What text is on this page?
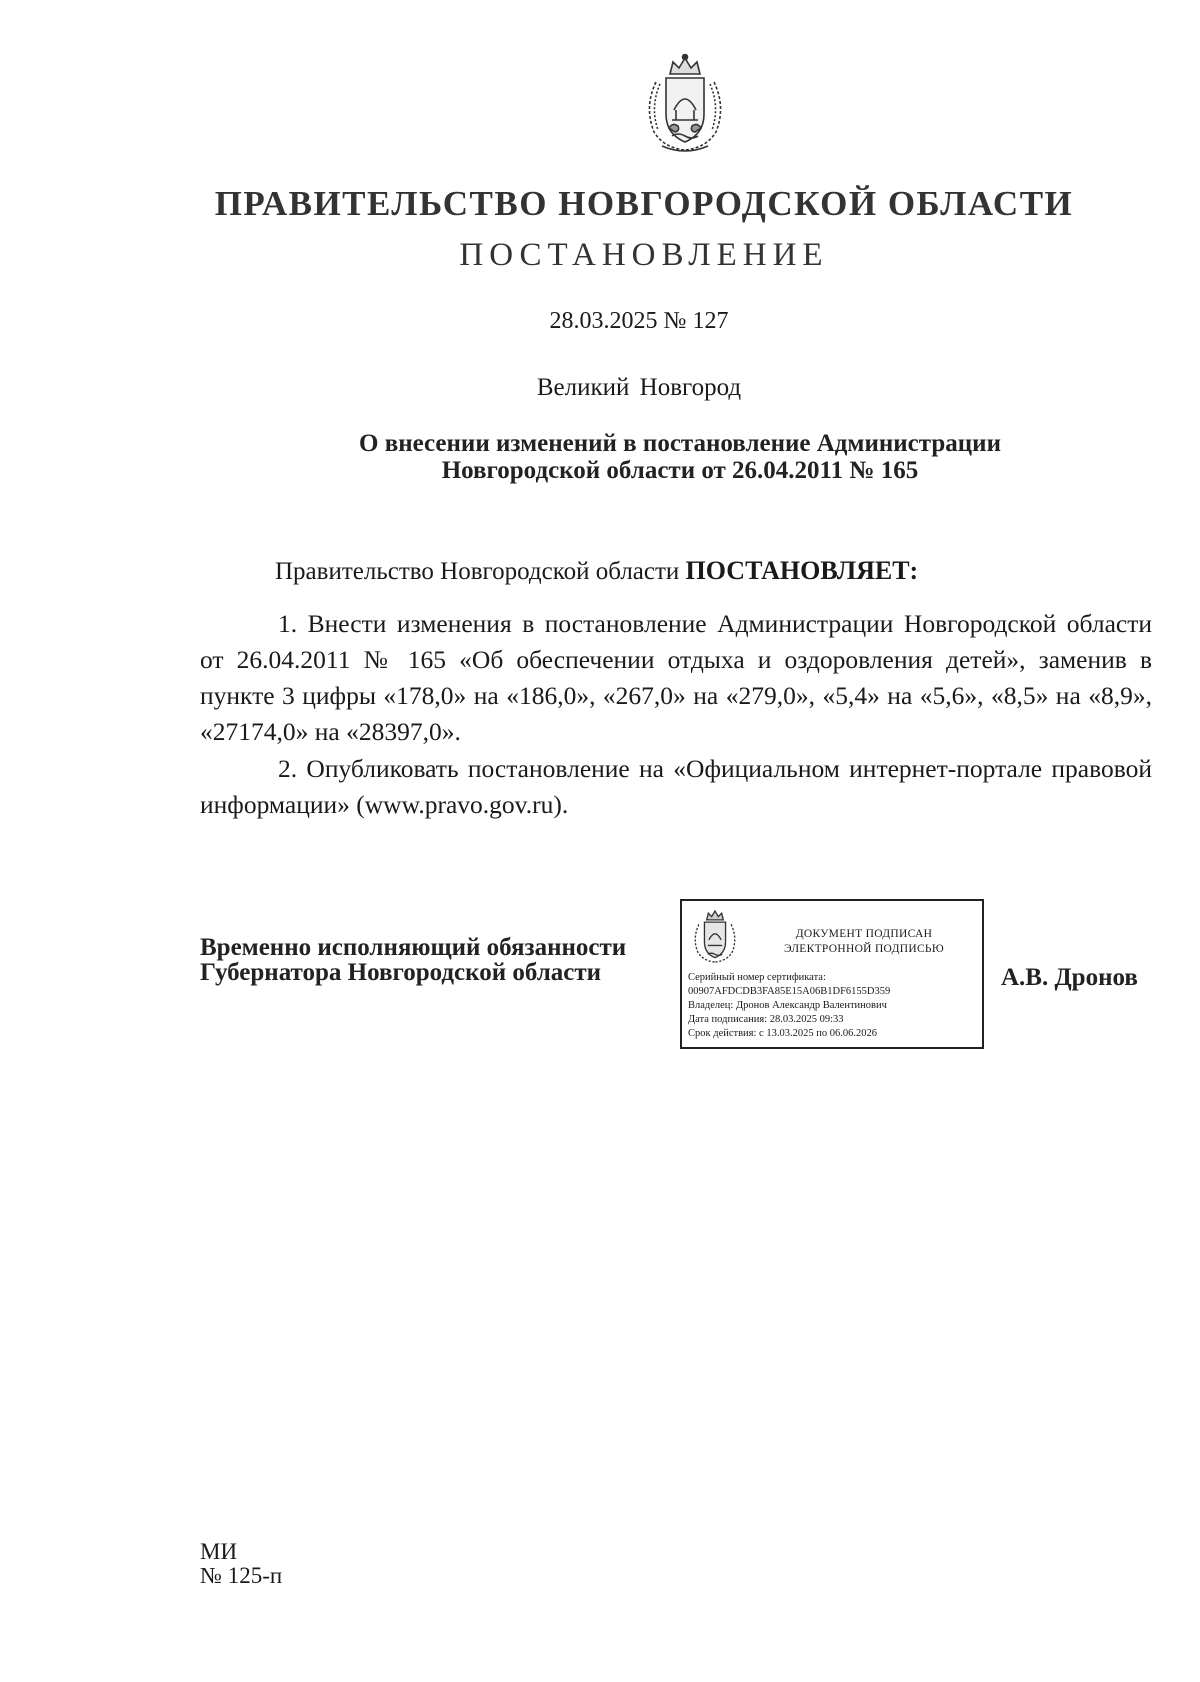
ПРАВИТЕЛЬСТВО НОВГОРОДСКОЙ ОБЛАСТИ
ПОСТАНОВЛЕНИЕ
28.03.2025 № 127
Великий Новгород
О внесении изменений в постановление Администрации
Новгородской области от 26.04.2011 № 165
Правительство Новгородской области ПОСТАНОВЛЯЕТ:
1. Внести изменения в постановление Администрации Новгородской области от 26.04.2011 № 165 «Об обеспечении отдыха и оздоровления детей», заменив в пункте 3 цифры «178,0» на «186,0», «267,0» на «279,0», «5,4» на «5,6», «8,5» на «8,9», «27174,0» на «28397,0».
2. Опубликовать постановление на «Официальном интернет-портале правовой информации» (www.pravo.gov.ru).
Временно исполняющий обязанности
Губернатора Новгородской области
ДОКУМЕНТ ПОДПИСАН
ЭЛЕКТРОННОЙ ПОДПИСЬЮ
Серийный номер сертификата:
00907AFDCDB3FA85E15A06B1DF6155D359
Владелец: Дронов Александр Валентинович
Дата подписания: 28.03.2025 09:33
Срок действия: с 13.03.2025 по 06.06.2026
А.В. Дронов
МИ
№ 125-п
